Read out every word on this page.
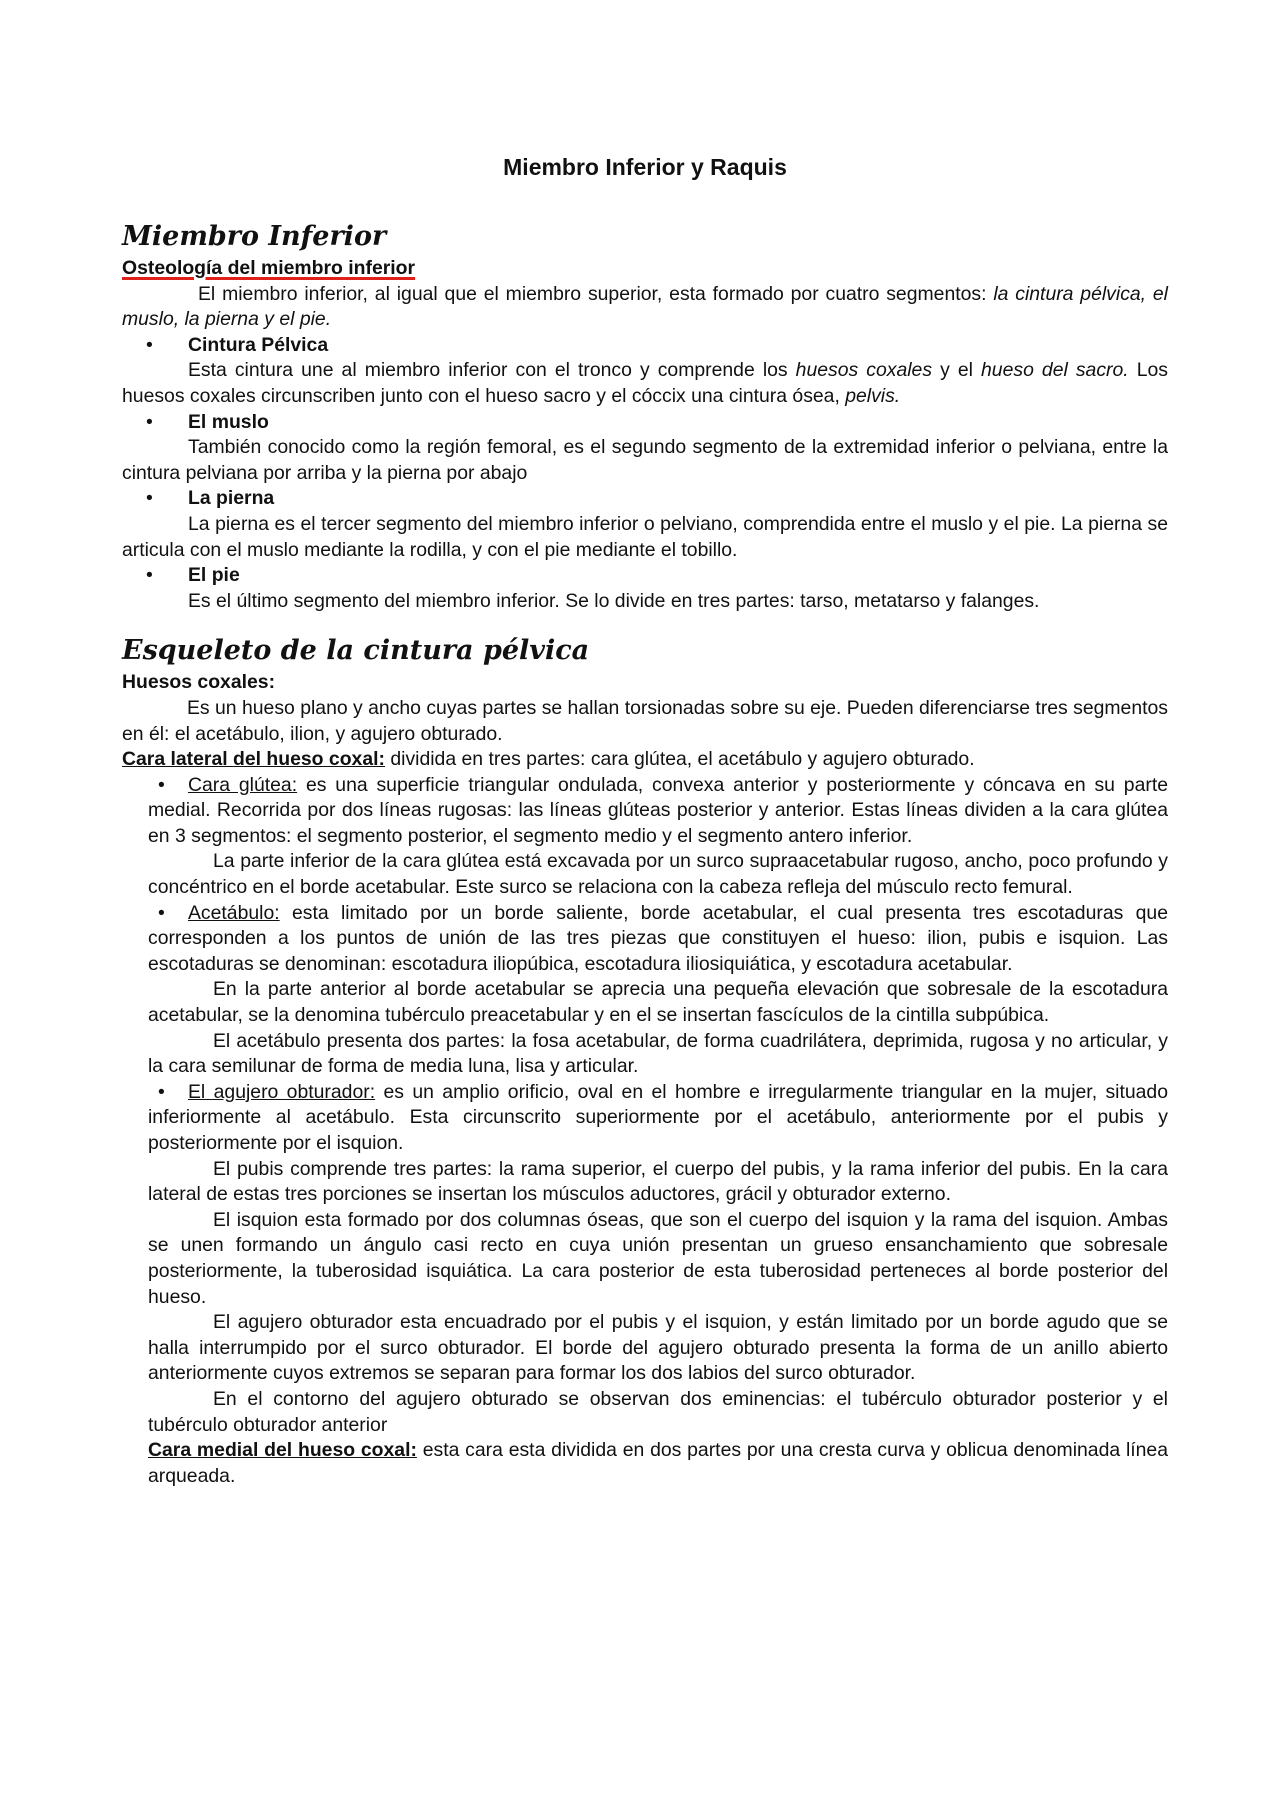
Miembro Inferior y Raquis

Miembro Inferior

Osteología del miembro inferior

El miembro inferior, al igual que el miembro superior, esta formado por cuatro segmentos: la cintura pélvica, el muslo, la pierna y el pie.

• Cintura Pélvica

Esta cintura une al miembro inferior con el tronco y comprende los huesos coxales y el hueso del sacro. Los huesos coxales circunscriben junto con el hueso sacro y el cóccix una cintura ósea, pelvis.

• El muslo

También conocido como la región femoral, es el segundo segmento de la extremidad inferior o pelviana, entre la cintura pelviana por arriba y la pierna por abajo

• La pierna

La pierna es el tercer segmento del miembro inferior o pelviano, comprendida entre el muslo y el pie. La pierna se articula con el muslo mediante la rodilla, y con el pie mediante el tobillo.

• El pie

Es el último segmento del miembro inferior. Se lo divide en tres partes: tarso, metatarso y falanges.

Esqueleto de la cintura pélvica

Huesos coxales:

Es un hueso plano y ancho cuyas partes se hallan torsionadas sobre su eje. Pueden diferenciarse tres segmentos en él: el acetábulo, ilion, y agujero obturado.

Cara lateral del hueso coxal: dividida en tres partes: cara glútea, el acetábulo y agujero obturado.

•	Cara glútea: es una superficie triangular ondulada, convexa anterior y posteriormente y cóncava en su parte medial. Recorrida por dos líneas rugosas: las líneas glúteas posterior y anterior. Estas líneas dividen a la cara glútea en 3 segmentos: el segmento posterior, el segmento medio y el segmento antero inferior.

La parte inferior de la cara glútea está excavada por un surco supraacetabular rugoso, ancho, poco profundo y concéntrico en el borde acetabular. Este surco se relaciona con la cabeza refleja del músculo recto femural.

•	Acetábulo: esta limitado por un borde saliente, borde acetabular, el cual presenta tres escotaduras que corresponden a los puntos de unión de las tres piezas que constituyen el hueso: ilion, pubis e isquion. Las escotaduras se denominan: escotadura iliopúbica, escotadura iliosiquiática, y escotadura acetabular.

En la parte anterior al borde acetabular se aprecia una pequeña elevación que sobresale de la escotadura acetabular, se la denomina tubérculo preacetabular y en el se insertan fascículos de la cintilla subpúbica.

El acetábulo presenta dos partes: la fosa acetabular, de forma cuadrilátera, deprimida, rugosa y no articular, y la cara semilunar de forma de media luna, lisa y articular.

•	El agujero obturador: es un amplio orificio, oval en el hombre e irregularmente triangular en la mujer, situado inferiormente al acetábulo. Esta circunscrito superiormente por el acetábulo, anteriormente por el pubis y posteriormente por el isquion.

El pubis comprende tres partes: la rama superior, el cuerpo del pubis, y la rama inferior del pubis. En la cara lateral de estas tres porciones se insertan los músculos aductores, grácil y obturador externo.

El isquion esta formado por dos columnas óseas, que son el cuerpo del isquion y la rama del isquion. Ambas se unen formando un ángulo casi recto en cuya unión presentan un grueso ensanchamiento que sobresale posteriormente, la tuberosidad isquiática. La cara posterior de esta tuberosidad perteneces al borde posterior del hueso.

El agujero obturador esta encuadrado por el pubis y el isquion, y están limitado por un borde agudo que se halla interrumpido por el surco obturador. El borde del agujero obturado presenta la forma de un anillo abierto anteriormente cuyos extremos se separan para formar los dos labios del surco obturador.

En el contorno del agujero obturado se observan dos eminencias: el tubérculo obturador posterior y el tubérculo obturador anterior

Cara medial del hueso coxal: esta cara esta dividida en dos partes por una cresta curva y oblicua denominada línea arqueada.
